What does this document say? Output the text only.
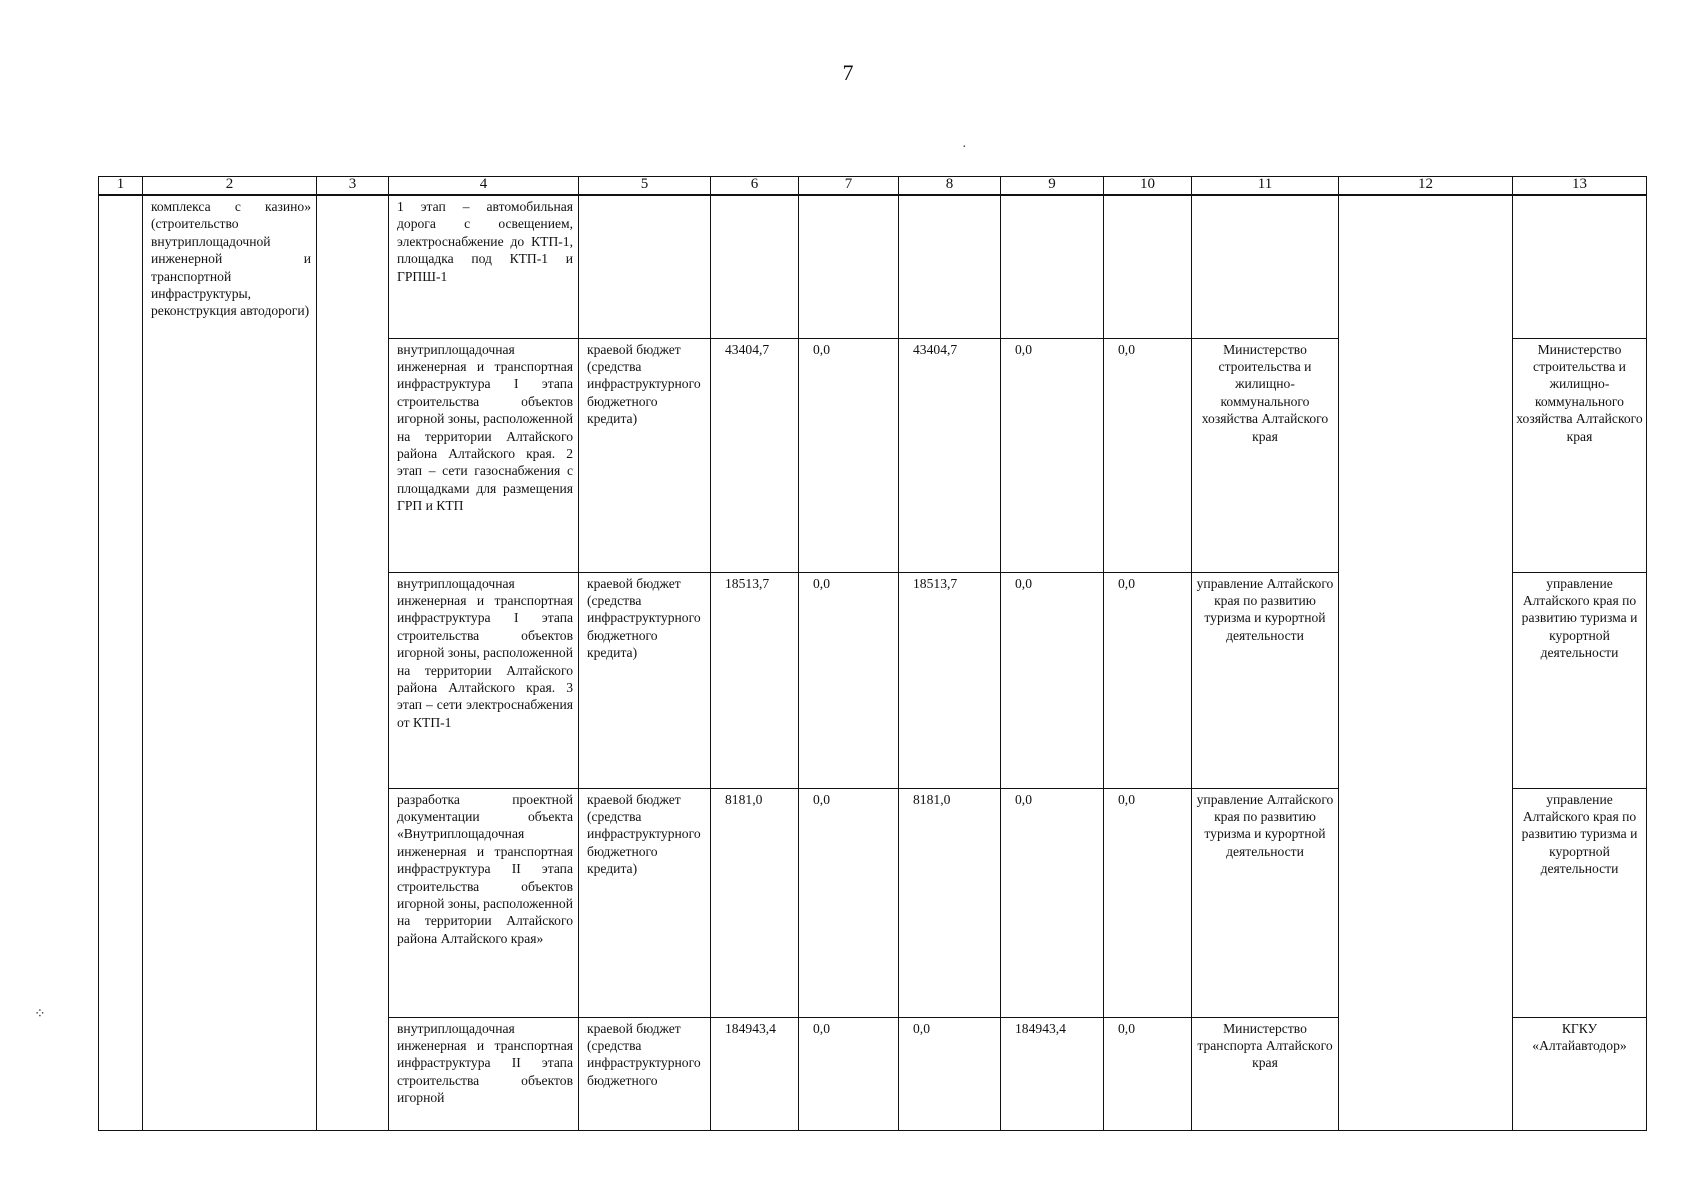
7
·
⁘
1	2	3	4	5	6	7	8	9	10	11	12	13
	комплекса с казино» (строительство внутриплощадочной инженерной и транспортной инфраструктуры, реконструкция автодороги)		1 этап – автомобильная дорога с освещением, электроснабжение до КТП-1, площадка под КТП-1 и ГРПШ-1									
			внутриплощадочная инженерная и транспортная инфраструктура I этапа строительства объектов игорной зоны, расположенной на территории Алтайского района Алтайского края. 2 этап – сети газоснабжения с площадками для размещения ГРП и КТП	краевой бюджет (средства инфраструктурного бюджетного кредита)	43404,7	0,0	43404,7	0,0	0,0	Министерство строительства и жилищно-коммунального хозяйства Алтайского края		Министерство строительства и жилищно-коммунального хозяйства Алтайского края
			внутриплощадочная инженерная и транспортная инфраструктура I этапа строительства объектов игорной зоны, расположенной на территории Алтайского района Алтайского края. 3 этап – сети электроснабжения от КТП-1	краевой бюджет (средства инфраструктурного бюджетного кредита)	18513,7	0,0	18513,7	0,0	0,0	управление Алтайского края по развитию туризма и курортной деятельности		управление Алтайского края по развитию туризма и курортной деятельности
			разработка проектной документации объекта «Внутриплощадочная инженерная и транспортная инфраструктура II этапа строительства объектов игорной зоны, расположенной на территории Алтайского района Алтайского края»	краевой бюджет (средства инфраструктурного бюджетного кредита)	8181,0	0,0	8181,0	0,0	0,0	управление Алтайского края по развитию туризма и курортной деятельности		управление Алтайского края по развитию туризма и курортной деятельности
			внутриплощадочная инженерная и транспортная инфраструктура II этапа строительства объектов игорной	краевой бюджет (средства инфраструктурного бюджетного	184943,4	0,0	0,0	184943,4	0,0	Министерство транспорта Алтайского края		КГКУ «Алтайавтодор»
